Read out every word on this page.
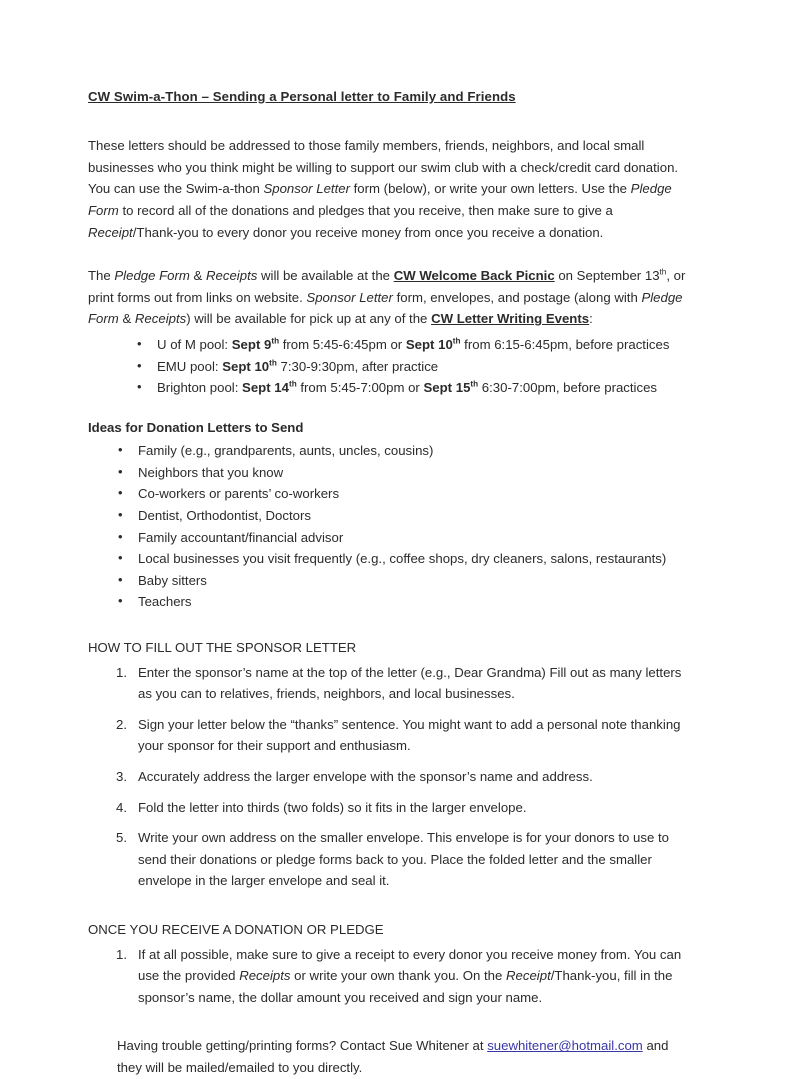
CW Swim-a-Thon – Sending a Personal letter to Family and Friends

These letters should be addressed to those family members, friends, neighbors, and local small businesses who you think might be willing to support our swim club with a check/credit card donation. You can use the Swim-a-thon Sponsor Letter form (below), or write your own letters. Use the Pledge Form to record all of the donations and pledges that you receive, then make sure to give a Receipt/Thank-you to every donor you receive money from once you receive a donation.

The Pledge Form & Receipts will be available at the CW Welcome Back Picnic on September 13th, or print forms out from links on website. Sponsor Letter form, envelopes, and postage (along with Pledge Form & Receipts) will be available for pick up at any of the CW Letter Writing Events:

• U of M pool: Sept 9th from 5:45-6:45pm or Sept 10th from 6:15-6:45pm, before practices
• EMU pool: Sept 10th 7:30-9:30pm, after practice
• Brighton pool: Sept 14th from 5:45-7:00pm or Sept 15th 6:30-7:00pm, before practices
Ideas for Donation Letters to Send
• Family (e.g., grandparents, aunts, uncles, cousins)
• Neighbors that you know
• Co-workers or parents’ co-workers
• Dentist, Orthodontist, Doctors
• Family accountant/financial advisor
• Local businesses you visit frequently (e.g., coffee shops, dry cleaners, salons, restaurants)
• Baby sitters
• Teachers
HOW TO FILL OUT THE SPONSOR LETTER
1. Enter the sponsor’s name at the top of the letter (e.g., Dear Grandma) Fill out as many letters as you can to relatives, friends, neighbors, and local businesses.
2. Sign your letter below the “thanks” sentence. You might want to add a personal note thanking your sponsor for their support and enthusiasm.
3. Accurately address the larger envelope with the sponsor’s name and address.
4. Fold the letter into thirds (two folds) so it fits in the larger envelope.
5. Write your own address on the smaller envelope. This envelope is for your donors to use to send their donations or pledge forms back to you. Place the folded letter and the smaller envelope in the larger envelope and seal it.
ONCE YOU RECEIVE A DONATION OR PLEDGE
1. If at all possible, make sure to give a receipt to every donor you receive money from. You can use the provided Receipts or write your own thank you. On the Receipt/Thank-you, fill in the sponsor’s name, the dollar amount you received and sign your name.

Having trouble getting/printing forms? Contact Sue Whitener at suewhitener@hotmail.com and they will be mailed/emailed to you directly.
